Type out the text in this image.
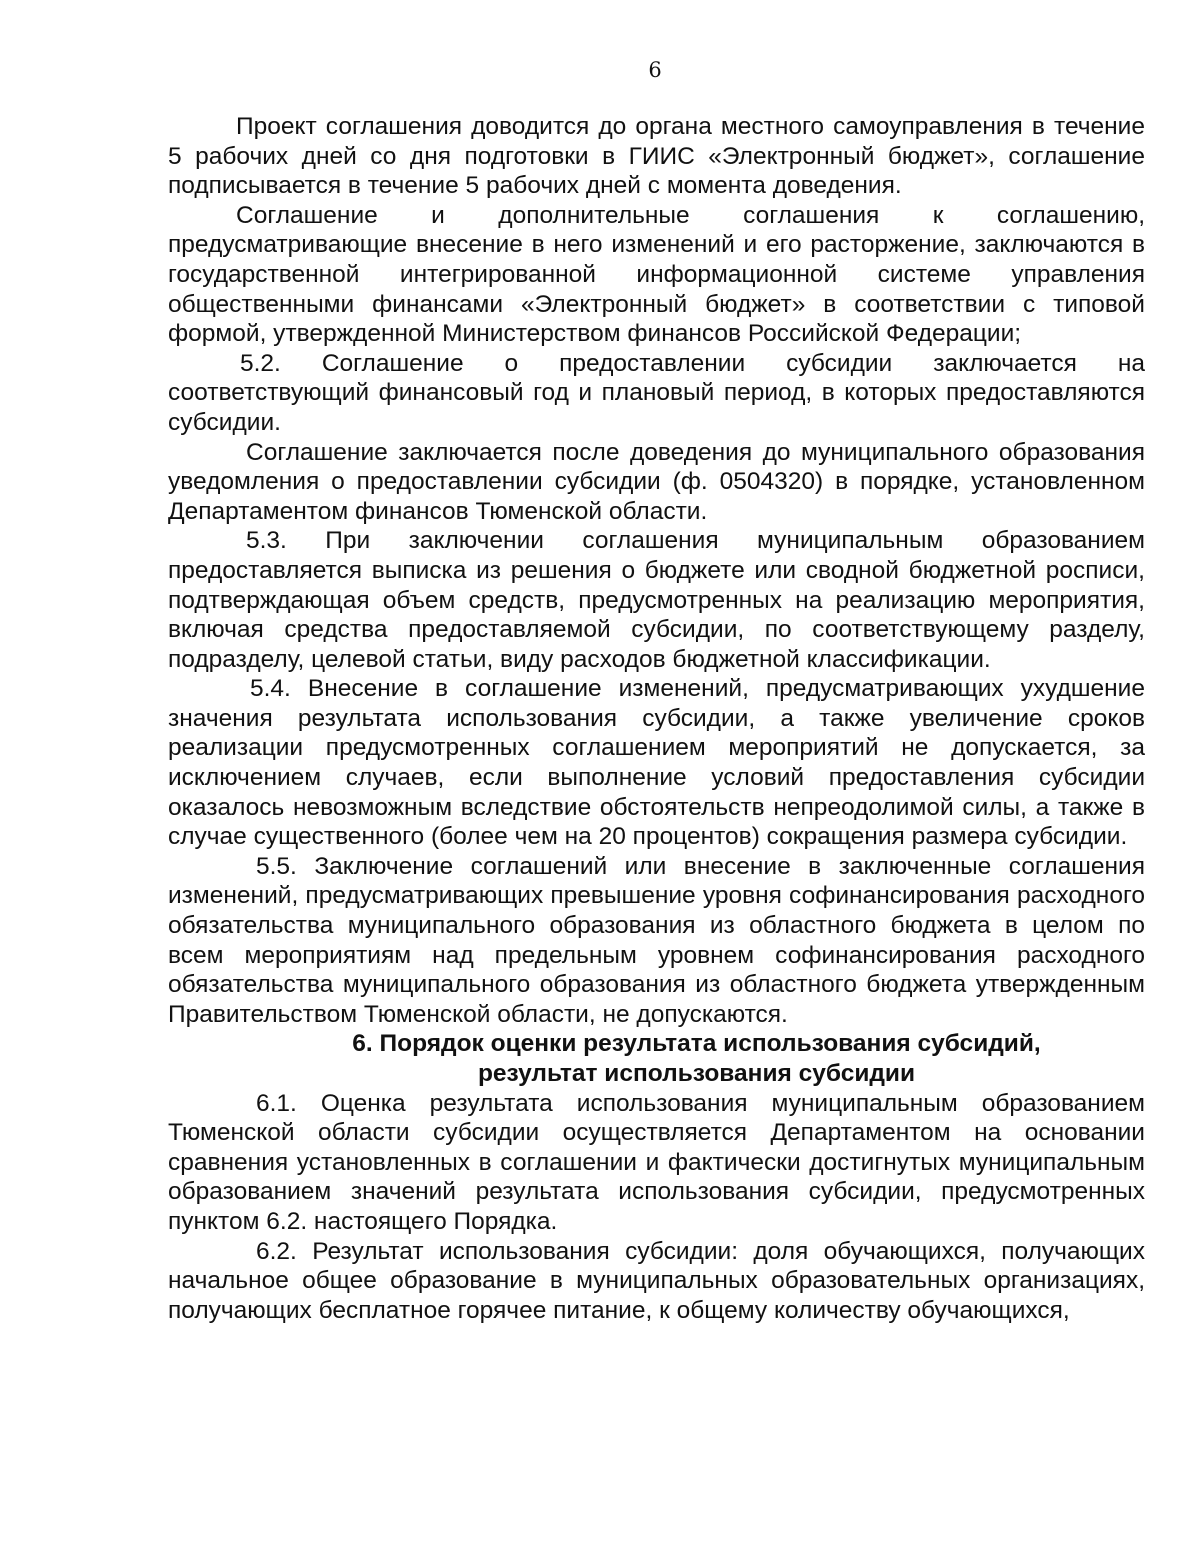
6

Проект соглашения доводится до органа местного самоуправления в течение 5 рабочих дней со дня подготовки в ГИИС «Электронный бюджет», соглашение подписывается в течение 5 рабочих дней с момента доведения.

Соглашение и дополнительные соглашения к соглашению, предусматривающие внесение в него изменений и его расторжение, заключаются в государственной интегрированной информационной системе управления общественными финансами «Электронный бюджет» в соответствии с типовой формой, утвержденной Министерством финансов Российской Федерации;

5.2. Соглашение о предоставлении субсидии заключается на соответствующий финансовый год и плановый период, в которых предоставляются субсидии.

Соглашение заключается после доведения до муниципального образования уведомления о предоставлении субсидии (ф. 0504320) в порядке, установленном Департаментом финансов Тюменской области.

5.3. При заключении соглашения муниципальным образованием предоставляется выписка из решения о бюджете или сводной бюджетной росписи, подтверждающая объем средств, предусмотренных на реализацию мероприятия, включая средства предоставляемой субсидии, по соответствующему разделу, подразделу, целевой статьи, виду расходов бюджетной классификации.

5.4. Внесение в соглашение изменений, предусматривающих ухудшение значения результата использования субсидии, а также увеличение сроков реализации предусмотренных соглашением мероприятий не допускается, за исключением случаев, если выполнение условий предоставления субсидии оказалось невозможным вследствие обстоятельств непреодолимой силы, а также в случае существенного (более чем на 20 процентов) сокращения размера субсидии.

5.5. Заключение соглашений или внесение в заключенные соглашения изменений, предусматривающих превышение уровня софинансирования расходного обязательства муниципального образования из областного бюджета в целом по всем мероприятиям над предельным уровнем софинансирования расходного обязательства муниципального образования из областного бюджета утвержденным Правительством Тюменской области, не допускаются.

6. Порядок оценки результата использования субсидий,
результат использования субсидии

6.1. Оценка результата использования муниципальным образованием Тюменской области субсидии осуществляется Департаментом на основании сравнения установленных в соглашении и фактически достигнутых муниципальным образованием значений результата использования субсидии, предусмотренных пунктом 6.2. настоящего Порядка.

6.2. Результат использования субсидии: доля обучающихся, получающих начальное общее образование в муниципальных образовательных организациях, получающих бесплатное горячее питание, к общему количеству обучающихся,
